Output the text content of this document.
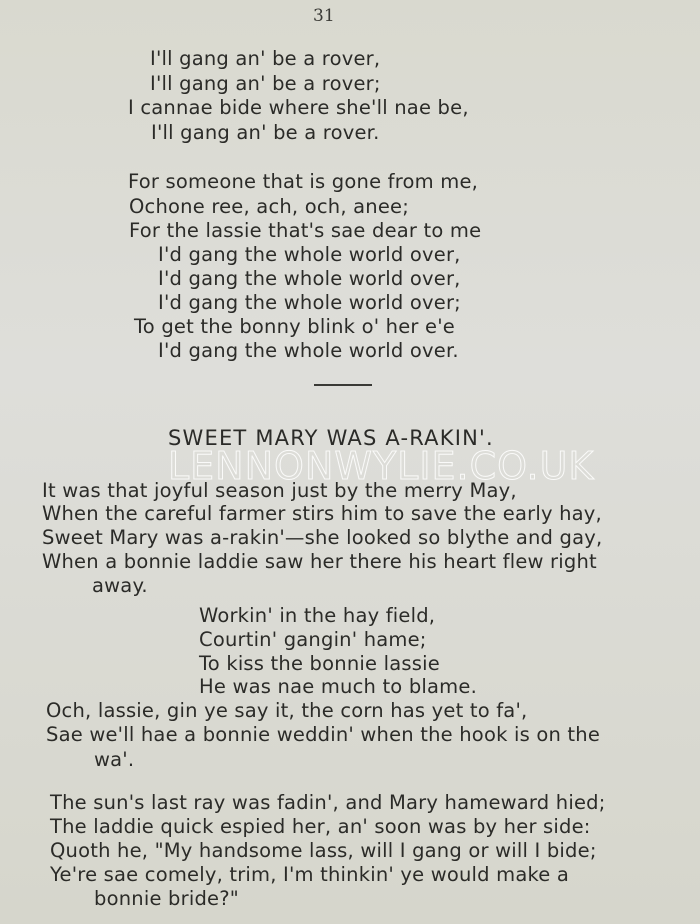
31
I'll gang an' be a rover,
I'll gang an' be a rover;
I cannae bide where she'll nae be,
I'll gang an' be a rover.
For someone that is gone from me,
Ochone ree, ach, och, anee;
For the lassie that's sae dear to me
I'd gang the whole world over,
I'd gang the whole world over,
I'd gang the whole world over;
To get the bonny blink o' her e'e
I'd gang the whole world over.
SWEET MARY WAS A-RAKIN'.
LENNONWYLIE.CO.UK
It was that joyful season just by the merry May,
When the careful farmer stirs him to save the early hay,
Sweet Mary was a-rakin'—she looked so blythe and gay,
When a bonnie laddie saw her there his heart flew right
away.
Workin' in the hay field,
Courtin' gangin' hame;
To kiss the bonnie lassie
He was nae much to blame.
Och, lassie, gin ye say it, the corn has yet to fa',
Sae we'll hae a bonnie weddin' when the hook is on the
wa'.
The sun's last ray was fadin', and Mary hameward hied;
The laddie quick espied her, an' soon was by her side:
Quoth he, "My handsome lass, will I gang or will I bide;
Ye're sae comely, trim, I'm thinkin' ye would make a
bonnie bride?"
